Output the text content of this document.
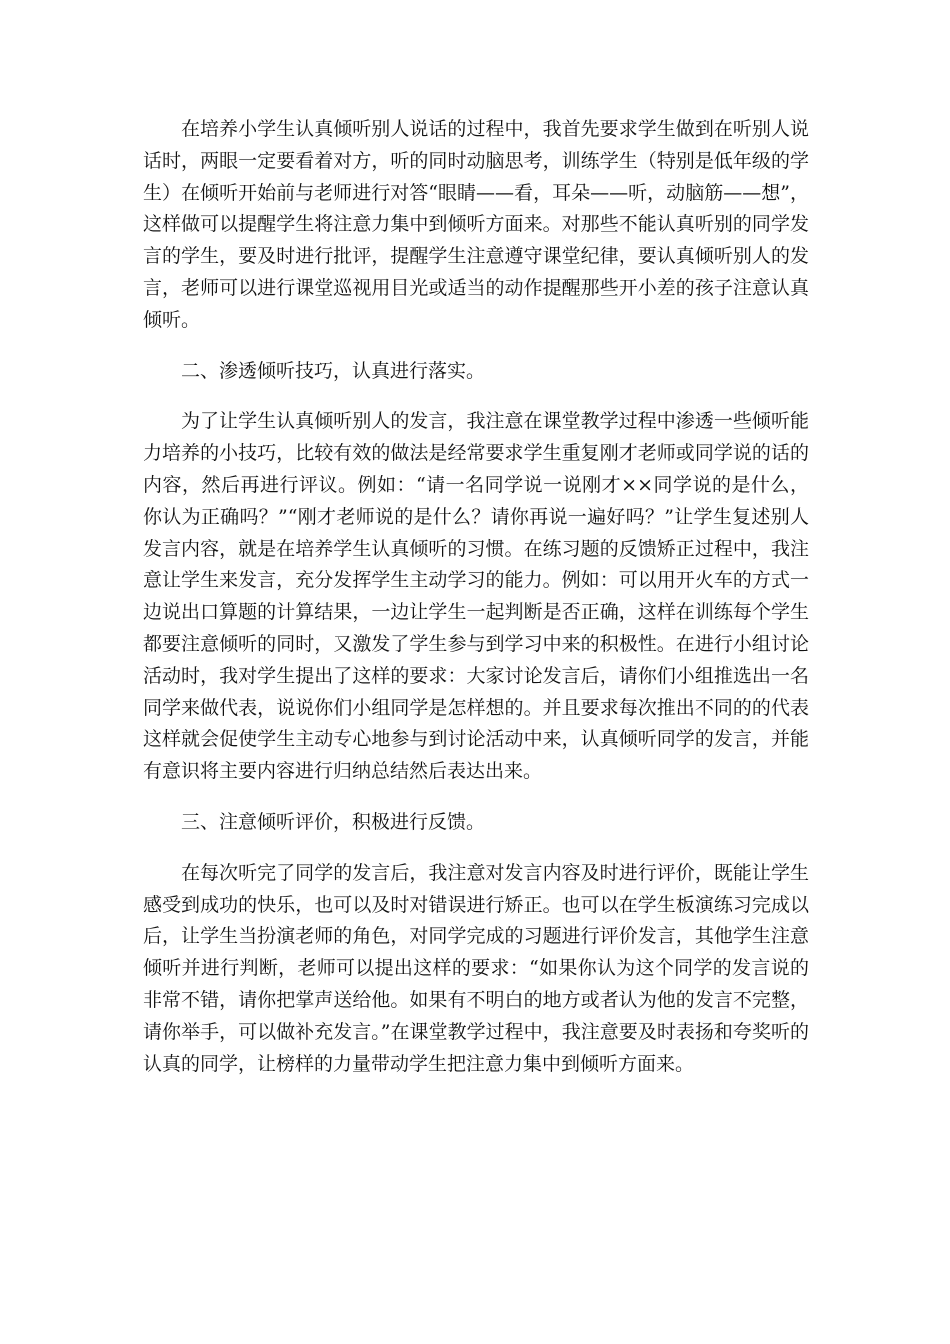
在培养小学生认真倾听别人说话的过程中，我首先要求学生做到在听别人说话时，两眼一定要看着对方，听的同时动脑思考，训练学生（特别是低年级的学生）在倾听开始前与老师进行对答“眼睛——看，耳朵——听，动脑筋——想”，这样做可以提醒学生将注意力集中到倾听方面来。对那些不能认真听别的同学发言的学生，要及时进行批评，提醒学生注意遵守课堂纪律，要认真倾听别人的发言，老师可以进行课堂巡视用目光或适当的动作提醒那些开小差的孩子注意认真倾听。

二、渗透倾听技巧，认真进行落实。

为了让学生认真倾听别人的发言，我注意在课堂教学过程中渗透一些倾听能力培养的小技巧，比较有效的做法是经常要求学生重复刚才老师或同学说的话的内容，然后再进行评议。例如：“请一名同学说一说刚才××同学说的是什么，你认为正确吗？”“刚才老师说的是什么？请你再说一遍好吗？”让学生复述别人发言内容，就是在培养学生认真倾听的习惯。在练习题的反馈矫正过程中，我注意让学生来发言，充分发挥学生主动学习的能力。例如：可以用开火车的方式一边说出口算题的计算结果，一边让学生一起判断是否正确，这样在训练每个学生都要注意倾听的同时，又激发了学生参与到学习中来的积极性。在进行小组讨论活动时，我对学生提出了这样的要求：大家讨论发言后，请你们小组推选出一名同学来做代表，说说你们小组同学是怎样想的。并且要求每次推出不同的的代表这样就会促使学生主动专心地参与到讨论活动中来，认真倾听同学的发言，并能有意识将主要内容进行归纳总结然后表达出来。

三、注意倾听评价，积极进行反馈。

在每次听完了同学的发言后，我注意对发言内容及时进行评价，既能让学生感受到成功的快乐，也可以及时对错误进行矫正。也可以在学生板演练习完成以后，让学生当扮演老师的角色，对同学完成的习题进行评价发言，其他学生注意倾听并进行判断，老师可以提出这样的要求：“如果你认为这个同学的发言说的非常不错，请你把掌声送给他。如果有不明白的地方或者认为他的发言不完整，请你举手，可以做补充发言。”在课堂教学过程中，我注意要及时表扬和夸奖听的认真的同学，让榜样的力量带动学生把注意力集中到倾听方面来。
